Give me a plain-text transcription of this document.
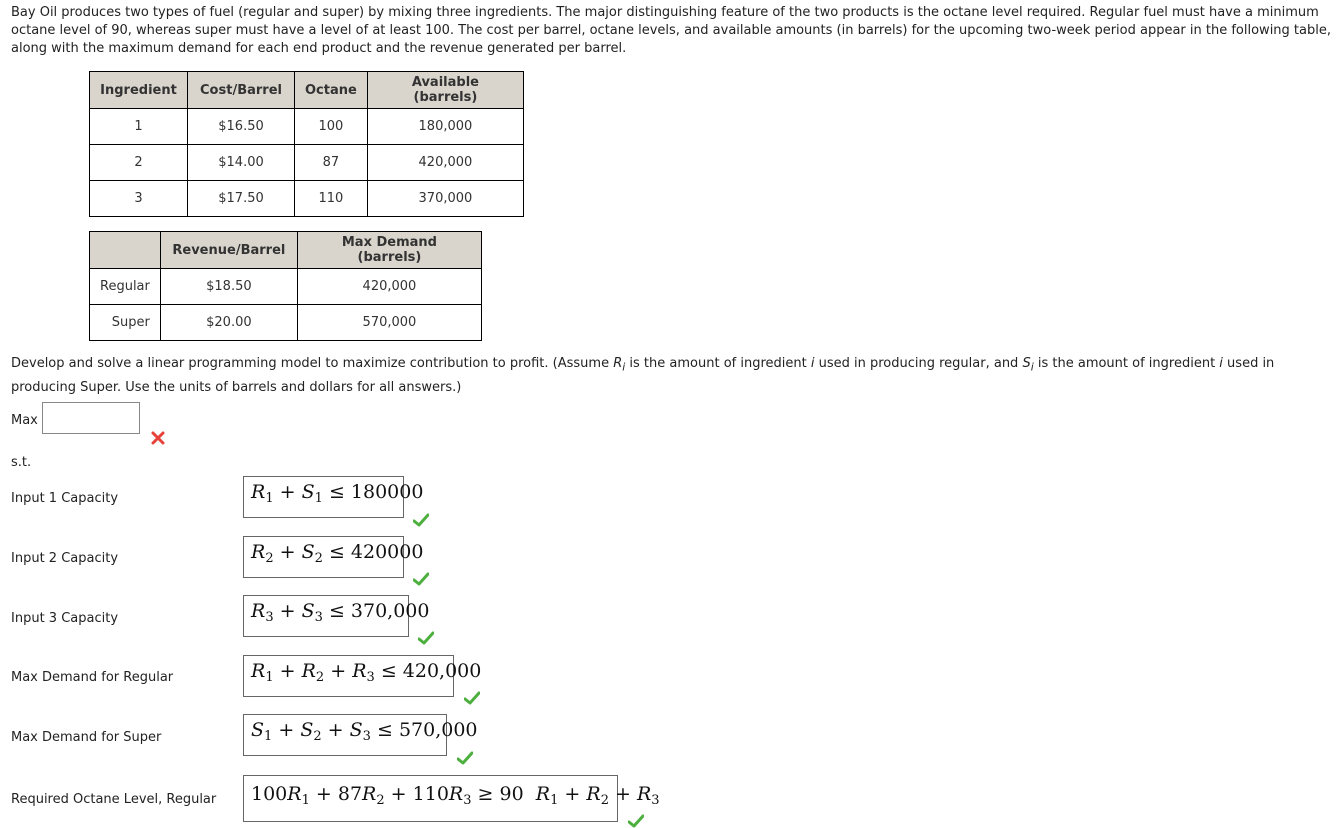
Bay Oil produces two types of fuel (regular and super) by mixing three ingredients. The major distinguishing feature of the two products is the octane level required. Regular fuel must have a minimum octane level of 90, whereas super must have a level of at least 100. The cost per barrel, octane levels, and available amounts (in barrels) for the upcoming two-week period appear in the following table, along with the maximum demand for each end product and the revenue generated per barrel.
Ingredient	Cost/Barrel	Octane	Available (barrels)
1	$16.50	100	180,000
2	$14.00	87	420,000
3	$17.50	110	370,000
	Revenue/Barrel	Max Demand (barrels)
Regular	$18.50	420,000
Super	$20.00	570,000
Develop and solve a linear programming model to maximize contribution to profit. (Assume $R_i$ is the amount of ingredient i used in producing regular, and $S_i$ is the amount of ingredient i used in producing Super. Use the units of barrels and dollars for all answers.)
Max
s.t.
Input 1 Capacity	$R_1 + S_1 \le 180000$
Input 2 Capacity	$R_2 + S_2 \le 420000$
Input 3 Capacity	$R_3 + S_3 \le 370,000$
Max Demand for Regular	$R_1 + R_2 + R_3 \le 420,000$
Max Demand for Super	$S_1 + S_2 + S_3 \le 570,000$
Required Octane Level, Regular	$100R_1 + 87R_2 + 110R_3 \ge 90$ $R_1 + R_2 + R_3$
